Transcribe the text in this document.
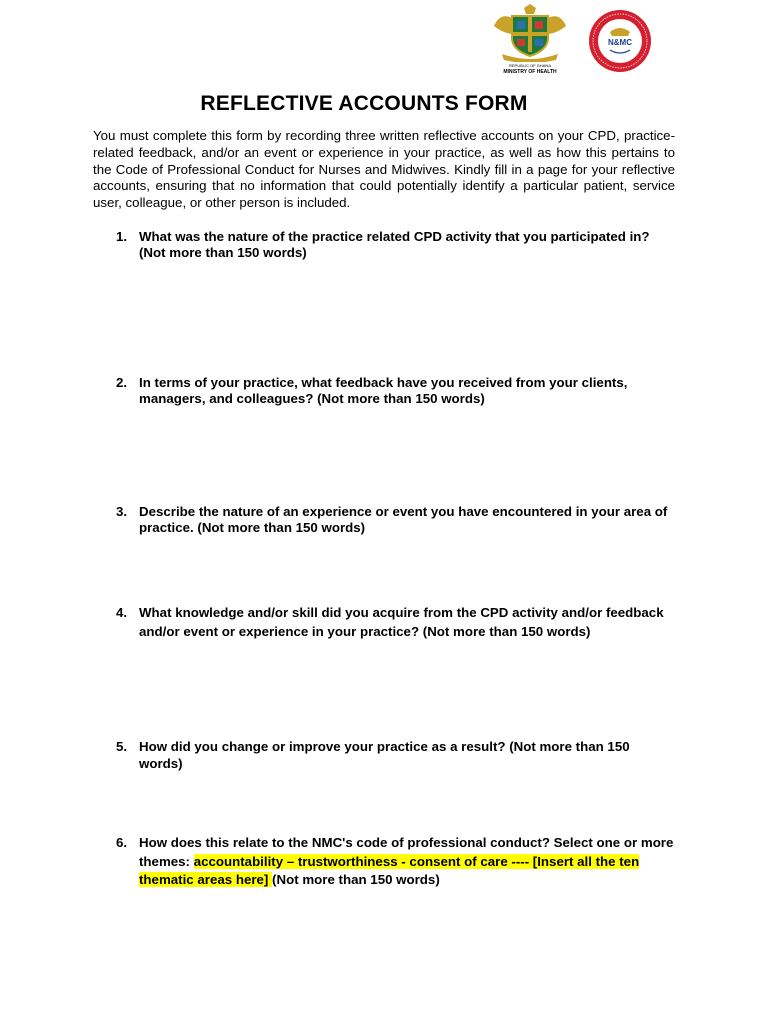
REPUBLIC OF GHANA
MINISTRY OF HEALTH
N&MC
REFLECTIVE ACCOUNTS FORM
You must complete this form by recording three written reflective accounts on your CPD, practice-related feedback, and/or an event or experience in your practice, as well as how this pertains to the Code of Professional Conduct for Nurses and Midwives. Kindly fill in a page for your reflective accounts, ensuring that no information that could potentially identify a particular patient, service user, colleague, or other person is included.
1. What was the nature of the practice related CPD activity that you participated in? (Not more than 150 words)
2. In terms of your practice, what feedback have you received from your clients, managers, and colleagues? (Not more than 150 words)
3. Describe the nature of an experience or event you have encountered in your area of practice. (Not more than 150 words)
4. What knowledge and/or skill did you acquire from the CPD activity and/or feedback and/or event or experience in your practice? (Not more than 150 words)
5. How did you change or improve your practice as a result? (Not more than 150 words)
6. How does this relate to the NMC's code of professional conduct? Select one or more themes: accountability – trustworthiness - consent of care ---- [Insert all the ten thematic areas here] (Not more than 150 words)
